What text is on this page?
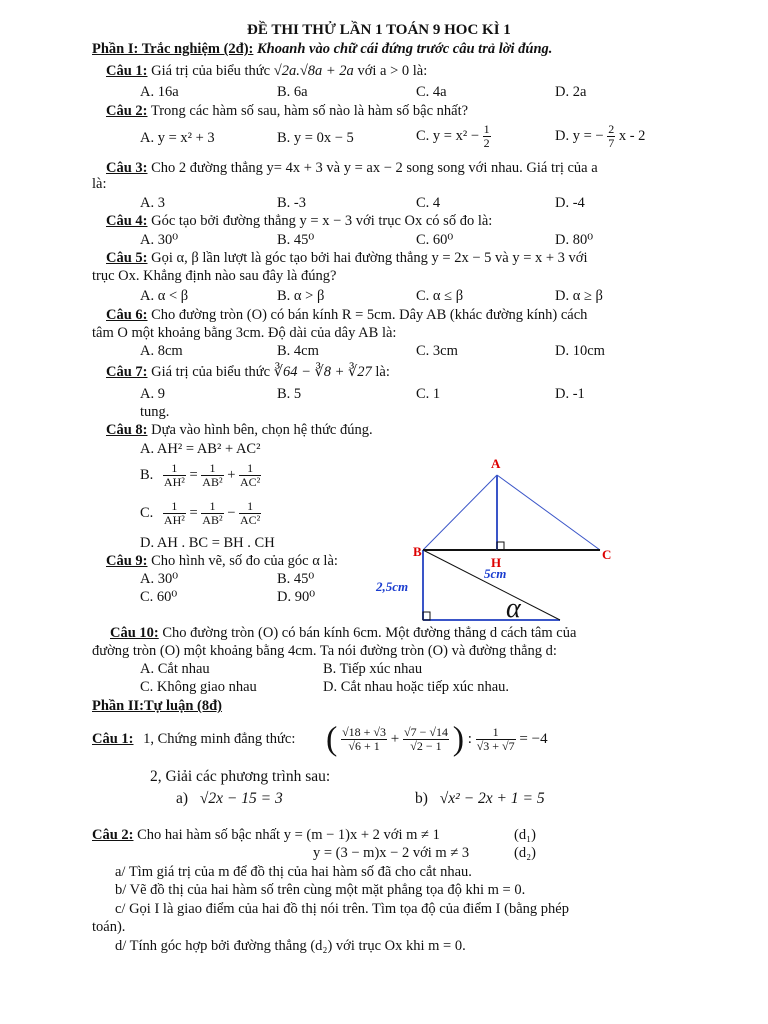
ĐỀ THI THỬ LẦN 1 TOÁN 9 HOC KÌ 1
Phần I: Trắc nghiệm (2đ): Khoanh vào chữ cái đứng trước câu trả lời đúng.
Câu 1: Giá trị của biểu thức √2a.√8a + 2a với a > 0 là:
A. 16a	B. 6a	C. 4a	D. 2a
Câu 2: Trong các hàm số sau, hàm số nào là hàm số bậc nhất?
A. y = x² + 3	B. y = 0x − 5	C. $y = x^2 - \frac{1}{2}$	D. y = − $\frac{2}{7}$ x - 2
Câu 3: Cho 2 đường thẳng y= 4x + 3 và y = ax − 2 song song với nhau. Giá trị của a
là:
A. 3	B. -3	C. 4	D. -4
Câu 4: Góc tạo bởi đường thẳng y = x − 3 với trục Ox có số đo là:
A. 30⁰	B. 45⁰	C. 60⁰	D. 80⁰
Câu 5: Gọi α, β lần lượt là góc tạo bởi hai đường thẳng y = 2x − 5 và y = x + 3 với
trục Ox. Khẳng định nào sau đây là đúng?
A. α < β	B. α > β	C. α ≤ β	D. α ≥ β
Câu 6: Cho đường tròn (O) có bán kính R = 5cm. Dây AB (khác đường kính) cách
tâm O một khoảng bằng 3cm. Độ dài của dây AB là:
A. 8cm	B. 4cm	C. 3cm	D. 10cm
Câu 7: Giá trị của biểu thức ∛64 − ∛8 + ∛27 là:
A. 9	B. 5	C. 1	D. -1
tung.
Câu 8: Dựa vào hình bên, chọn hệ thức đúng.
A. AH² = AB² + AC²
B. $\frac{1}{\text{AH²}} = \frac{1}{\text{AB²}} + \frac{1}{\text{AC²}}$
C. $\frac{1}{\text{AH²}} = \frac{1}{\text{AB²}} - \frac{1}{\text{AC²}}$
D. AH . BC = BH . CH
Câu 9: Cho hình vẽ, số đo của góc α là:
A. 30⁰	B. 45⁰
C. 60⁰	D. 90⁰
A
B	C
H
5cm
2,5cm
α
Câu 10: Cho đường tròn (O) có bán kính 6cm. Một đường thẳng d cách tâm của
đường tròn (O) một khoảng bằng 4cm. Ta nói đường tròn (O) và đường thẳng d:
A. Cắt nhau	B. Tiếp xúc nhau
C. Không giao nhau	D. Cắt nhau hoặc tiếp xúc nhau.
Phần II:Tự luận (8đ)
Câu 1: 1, Chứng minh đẳng thức: ( $\frac{√18 + √3}{√6 + 1} + \frac{√7 - √14}{√2 - 1}$ ) : $\frac{1}{√3 + √7} = -4$
2, Giải các phương trình sau:
a) √2x − 15 = 3	b) √x² − 2x + 1 = 5
Câu 2: Cho hai hàm số bậc nhất y = (m − 1)x + 2 với m ≠ 1	(d₁)
y = (3 − m)x − 2 với m ≠ 3	(d₂)
a/ Tìm giá trị của m để đồ thị của hai hàm số đã cho cắt nhau.
b/ Vẽ đồ thị của hai hàm số trên cùng một mặt phẳng tọa độ khi m = 0.
c/ Gọi I là giao điểm của hai đồ thị nói trên. Tìm tọa độ của điểm I (bằng phép
toán).
d/ Tính góc hợp bởi đường thẳng (d₂) với trục Ox khi m = 0.
